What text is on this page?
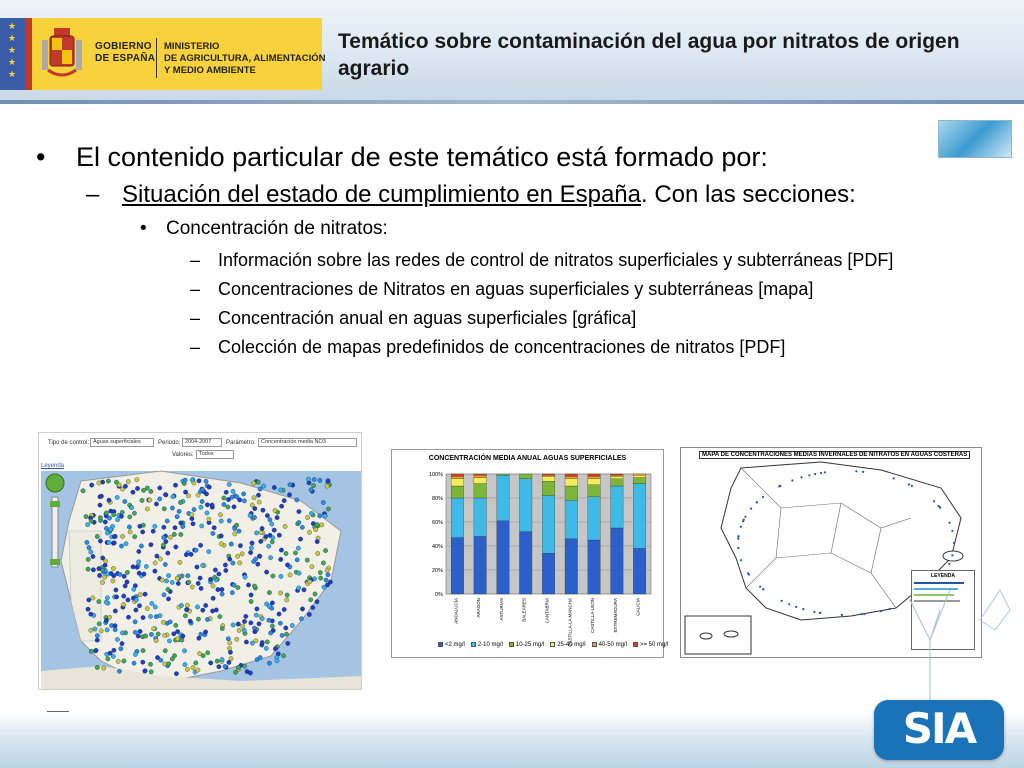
★
★
★
★
★
GOBIERNO
DE ESPAÑA
MINISTERIO
DE AGRICULTURA, ALIMENTACIÓN
Y MEDIO AMBIENTE
Temático sobre contaminación del agua por nitratos de origen agrario
• El contenido particular de este temático está formado por:
– Situación del estado de cumplimiento en España. Con las secciones:
• Concentración de nitratos:
– Información sobre las redes de control de nitratos superficiales y subterráneas [PDF]
– Concentraciones de Nitratos en aguas superficiales y subterráneas [mapa]
– Concentración anual en aguas superficiales [gráfica]
– Colección de mapas predefinidos de concentraciones de nitratos [PDF]
Tipo de control: Aguas superficiales	Periodo: 2004-2007	Parámetro: Concentración media NO3
Valores: Todos
Leyenda
CONCENTRACIÓN MEDIA ANUAL AGUAS SUPERFICIALES
0%
20%
40%
60%
80%
100%
ANDALUCÍA	ARAGÓN	ASTURIAS	BALEARES	CANTABRIA	CASTILLA-LA MANCHA	CASTILLA-LEÓN	EXTREMADURA	GALICIA
<2 mg/l 2-10 mg/l 10-25 mg/l 25-40 mg/l 40-50 mg/l >= 50 mg/l
MAPA DE CONCENTRACIONES MEDIAS INVERNALES DE NITRATOS EN AGUAS COSTERAS
LEYENDA
SIA
